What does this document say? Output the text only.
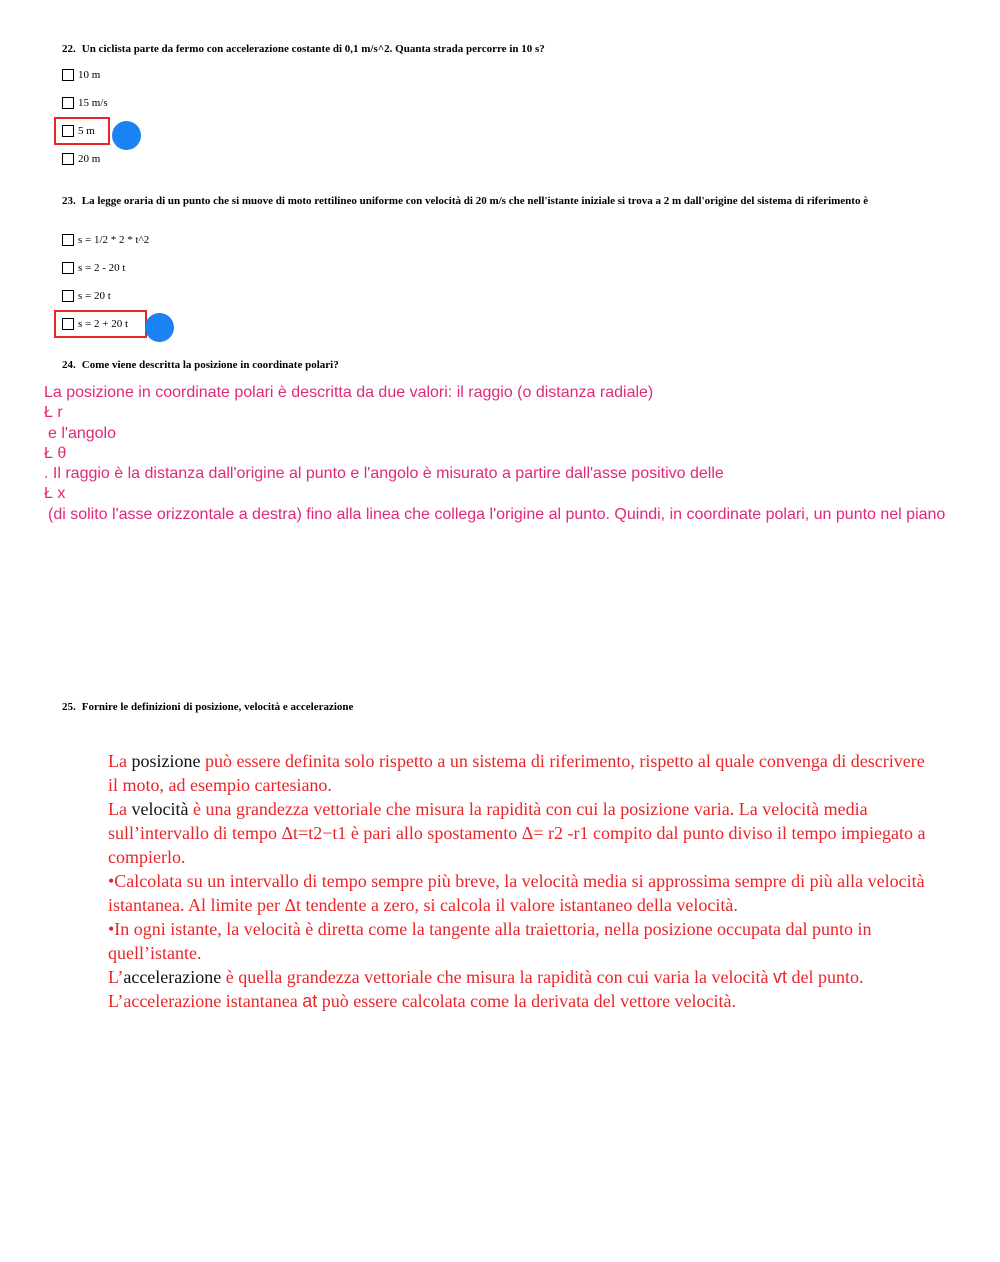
22. Un ciclista parte da fermo con accelerazione costante di 0,1 m/s^2. Quanta strada percorre in 10 s?
10 m
15 m/s
5 m
20 m
23. La legge oraria di un punto che si muove di moto rettilineo uniforme con velocità di 20 m/s che nell'istante iniziale si trova a 2 m dall'origine del sistema di riferimento è
s = 1/2 * 2 * t^2
s = 2 - 20 t
s = 20 t
s = 2 + 20 t
24. Come viene descritta la posizione in coordinate polari?
La posizione in coordinate polari è descritta da due valori: il raggio (o distanza radiale)
Ł r
e l'angolo
Ł θ
. Il raggio è la distanza dall'origine al punto e l'angolo è misurato a partire dall'asse positivo delle
Ł x
(di solito l'asse orizzontale a destra) fino alla linea che collega l'origine al punto. Quindi, in coordinate polari, un punto nel piano
25. Fornire le definizioni di posizione, velocità e accelerazione

La posizione può essere definita solo rispetto a un sistema di riferimento, rispetto al quale convenga di descrivere il moto, ad esempio cartesiano.

La velocità è una grandezza vettoriale che misura la rapidità con cui la posizione varia. La velocità media sull’intervallo di tempo Δt=t2−t1 è pari allo spostamento Δ= r2 -r1 compito dal punto diviso il tempo impiegato a compierlo.

•Calcolata su un intervallo di tempo sempre più breve, la velocità media si approssima sempre di più alla velocità istantanea. Al limite per Δt tendente a zero, si calcola il valore istantaneo della velocità.

•In ogni istante, la velocità è diretta come la tangente alla traiettoria, nella posizione occupata dal punto in quell’istante.

L’accelerazione è quella grandezza vettoriale che misura la rapidità con cui varia la velocità vt del punto. L’accelerazione istantanea at può essere calcolata come la derivata del vettore velocità.
